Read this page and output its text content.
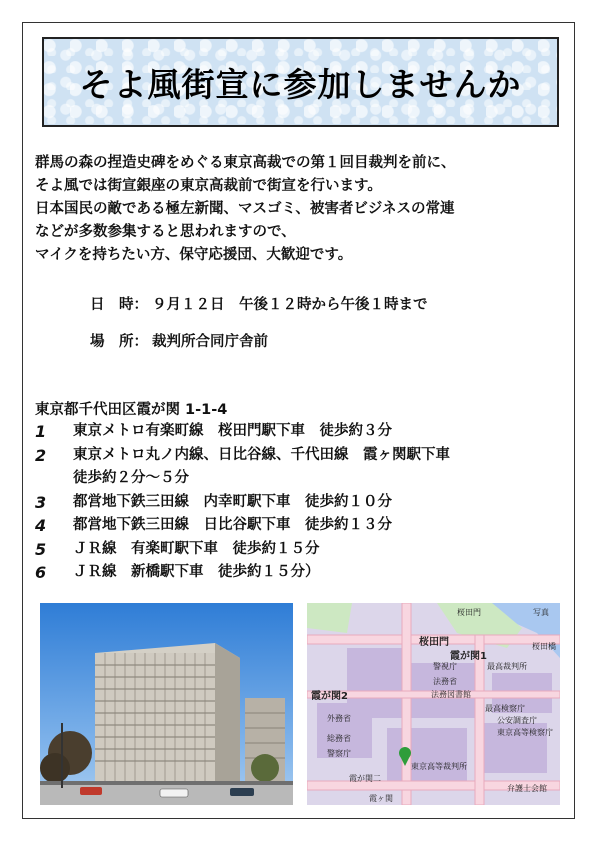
そよ風街宣に参加しませんか

群馬の森の捏造史碑をめぐる東京高裁での第１回目裁判を前に、

そよ風では街宣銀座の東京高裁前で街宣を行います。

日本国民の敵である極左新聞、マスゴミ、被害者ビジネスの常連

などが多数参集すると思われますので、

マイクを持ちたい方、保守応援団、大歓迎です。

日　時： ９月１２日　午後１２時から午後１時まで
場　所： 裁判所合同庁舎前
東京都千代田区霞が関 1-1-4
1	東京メトロ有楽町線　桜田門駅下車　徒歩約３分
2	東京メトロ丸ノ内線、日比谷線、千代田線　霞ヶ関駅下車
徒歩約２分～５分
3	都営地下鉄三田線　内幸町駅下車　徒歩約１０分
4	都営地下鉄三田線　日比谷駅下車　徒歩約１３分
5	ＪＲ線　有楽町駅下車　徒歩約１５分
6	ＪＲ線　新橋駅下車　徒歩約１５分）
桜田門
桜田門	写真
霞が関1
霞が関2
警視庁
法務省
法務図書館
最高検察庁
外務省	公安調査庁
東京高等検察庁
東京高等裁判所
弁護士会館
霞が関二
霞ヶ関
桜田橋
最高裁判所
総務省
警察庁
